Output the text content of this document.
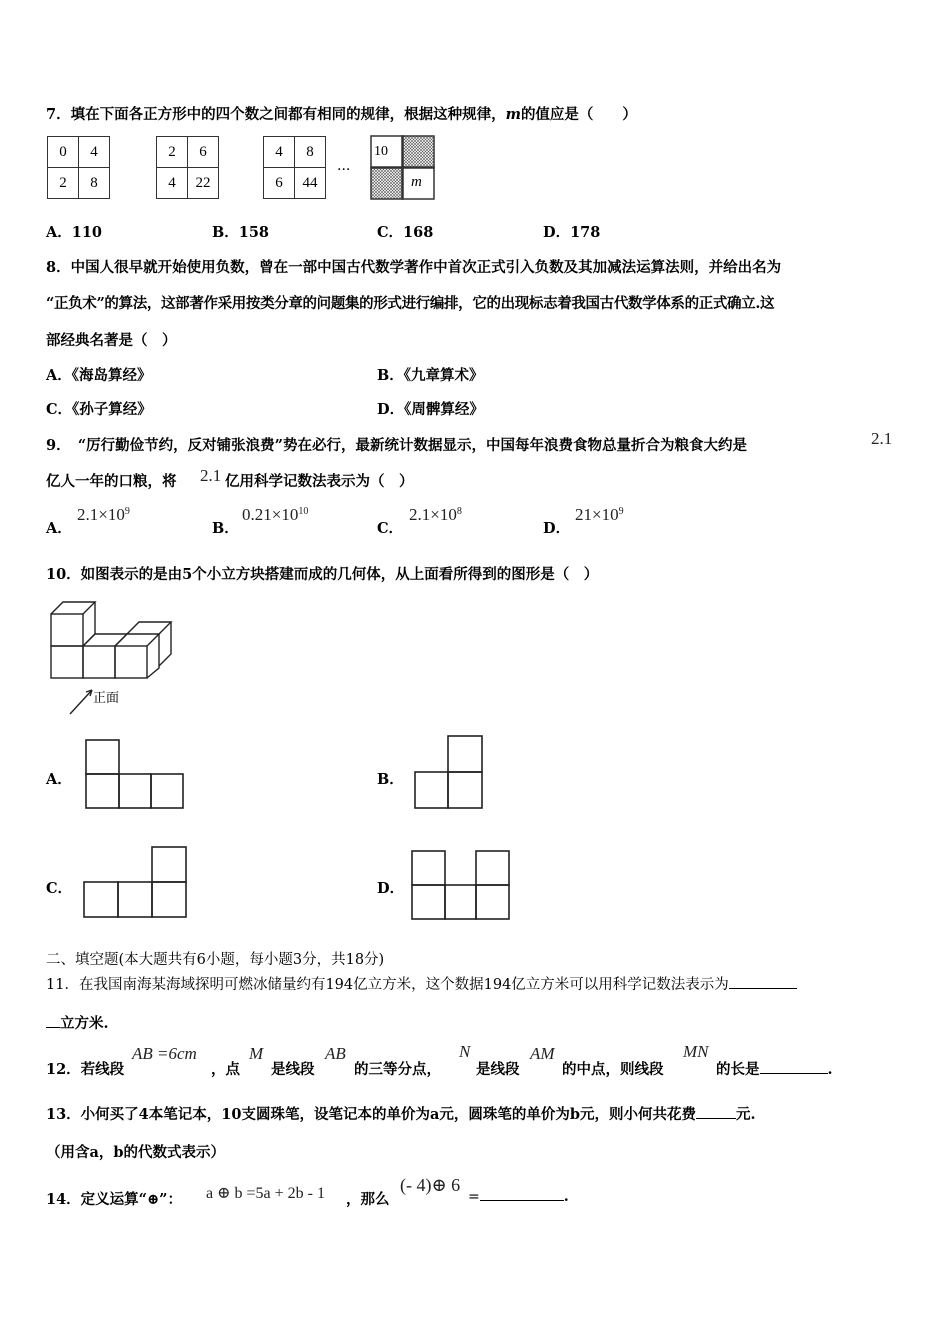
7．填在下面各正方形中的四个数之间都有相同的规律，根据这种规律，m的值应是（　　）
0	4
2	8
2	6
4	22
4	8
6	44
···
10
m
A．110	B．158	C．168	D．178
8．中国人很早就开始使用负数，曾在一部中国古代数学著作中首次正式引入负数及其加减法运算法则，并给出名为
“正负术”的算法，这部著作采用按类分章的问题集的形式进行编排，它的出现标志着我国古代数学体系的正式确立.这
部经典名著是（　）
A．《海岛算经》	B．《九章算术》
C．《孙子算经》	D．《周髀算经》
9．　“厉行勤俭节约，反对铺张浪费”势在必行，最新统计数据显示，中国每年浪费食物总量折合为粮食大约是	2.1
亿人一年的口粮，将 2.1 亿用科学记数法表示为（　）
A．
$2.1\times 10^9$
B．
$0.21\times 10^{10}$
C．
$2.1\times 10^8$
D．
$21\times 10^9$
10．如图表示的是由5个小立方块搭建而成的几何体，从上面看所得到的图形是（　）
正面
A．	B．
C．	D．
二、填空题(本大题共有6小题，每小题3分，共18分)
11．在我国南海某海域探明可燃冰储量约有194亿立方米，这个数据194亿立方米可以用科学记数法表示为
立方米.
12．若线段
AB =6cm
，点
M
是线段
AB
的三等分点，
N
是线段
AM
的中点，则线段
MN
的长是	.
13．小何买了4本笔记本，10支圆珠笔，设笔记本的单价为a元，圆珠笔的单价为b元，则小何共花费	元.
（用含a，b的代数式表示）
14．定义运算“⊕”： a ⊕ b =5a + 2b - 1 ，那么
(- 4)⊕ 6
=	.
